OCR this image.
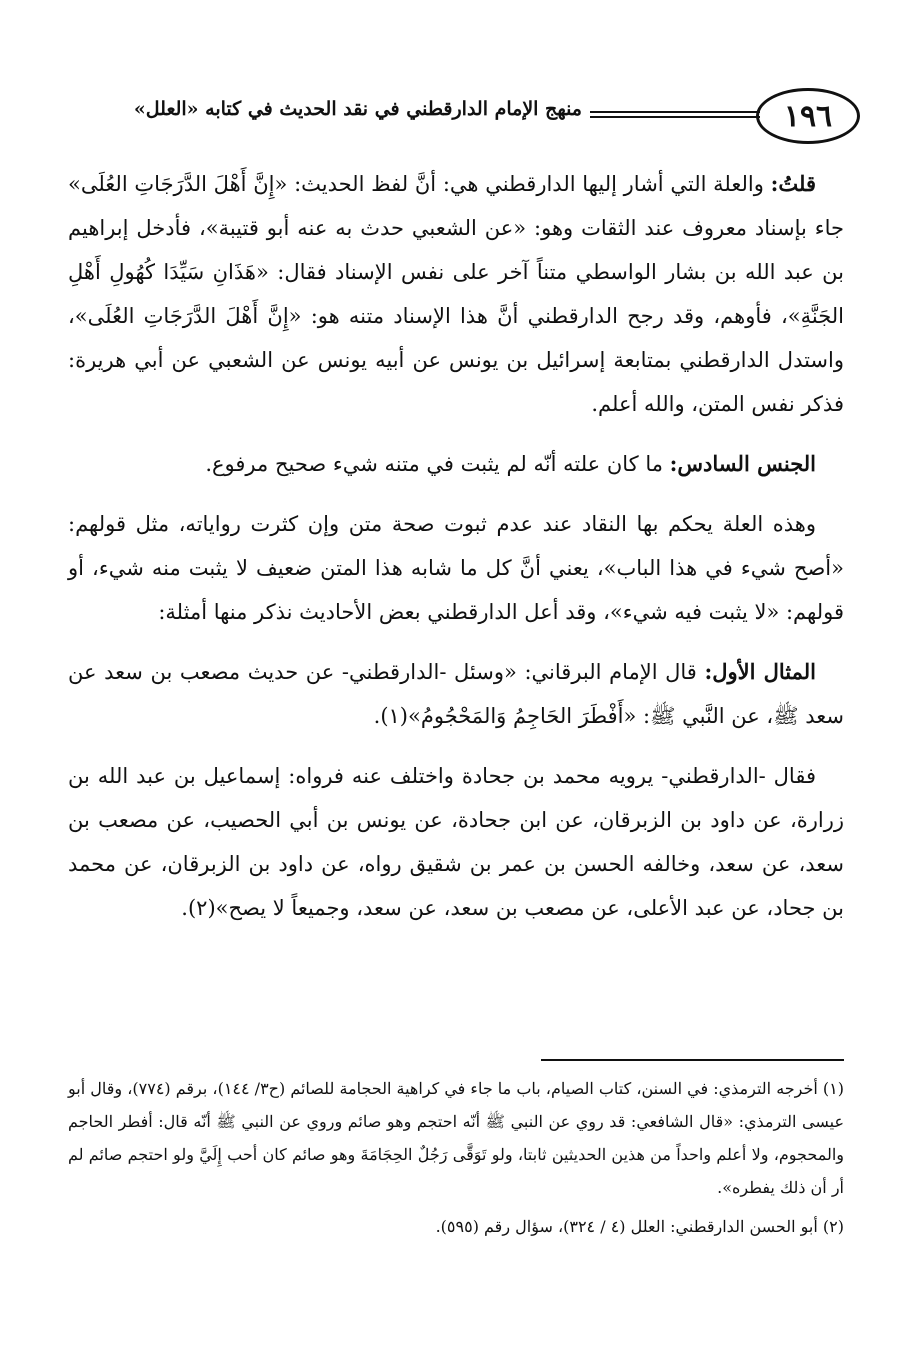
١٩٦
منهج الإمام الدارقطني في نقد الحديث في كتابه «العلل»

قلتُ: والعلة التي أشار إليها الدارقطني هي: أنَّ لفظ الحديث: «إِنَّ أَهْلَ الدَّرَجَاتِ العُلَى» جاء بإسناد معروف عند الثقات وهو: «عن الشعبي حدث به عنه أبو قتيبة»، فأدخل إبراهيم بن عبد الله بن بشار الواسطي متناً آخر على نفس الإسناد فقال: «هَذَانِ سَيِّدَا كُهُولِ أَهْلِ الجَنَّةِ»، فأوهم، وقد رجح الدارقطني أنَّ هذا الإسناد متنه هو: «إِنَّ أَهْلَ الدَّرَجَاتِ العُلَى»، واستدل الدارقطني بمتابعة إسرائيل بن يونس عن أبيه يونس عن الشعبي عن أبي هريرة: فذكر نفس المتن، والله أعلم.

الجنس السادس: ما كان علته أنّه لم يثبت في متنه شيء صحيح مرفوع.

وهذه العلة يحكم بها النقاد عند عدم ثبوت صحة متن وإن كثرت رواياته، مثل قولهم: «أصح شيء في هذا الباب»، يعني أنَّ كل ما شابه هذا المتن ضعيف لا يثبت منه شيء، أو قولهم: «لا يثبت فيه شيء»، وقد أعل الدارقطني بعض الأحاديث نذكر منها أمثلة:

المثال الأول: قال الإمام البرقاني: «وسئل -الدارقطني- عن حديث مصعب بن سعد عن سعد ﷺ، عن النَّبي ﷺ: «أَفْطَرَ الحَاجِمُ وَالمَحْجُومُ»(١).

فقال -الدارقطني- يرويه محمد بن جحادة واختلف عنه فرواه: إسماعيل بن عبد الله بن زرارة، عن داود بن الزبرقان، عن ابن جحادة، عن يونس بن أبي الحصيب، عن مصعب بن سعد، عن سعد، وخالفه الحسن بن عمر بن شقيق رواه، عن داود بن الزبرقان، عن محمد بن جحاد، عن عبد الأعلى، عن مصعب بن سعد، عن سعد، وجميعاً لا يصح»(٢).

(١) أخرجه الترمذي: في السنن، كتاب الصيام، باب ما جاء في كراهية الحجامة للصائم (ح٣/ ١٤٤)، برقم (٧٧٤)، وقال أبو عيسى الترمذي: «قال الشافعي: قد روي عن النبي ﷺ أنّه احتجم وهو صائم وروي عن النبي ﷺ أنّه قال: أفطر الحاجم والمحجوم، ولا أعلم واحداً من هذين الحديثين ثابتا، ولو تَوَقَّى رَجُلٌ الحِجَامَةَ وهو صائم كان أحب إِلَيَّ ولو احتجم صائم لم أر أن ذلك يفطره».

(٢) أبو الحسن الدارقطني: العلل (٤ / ٣٢٤)، سؤال رقم (٥٩٥).
